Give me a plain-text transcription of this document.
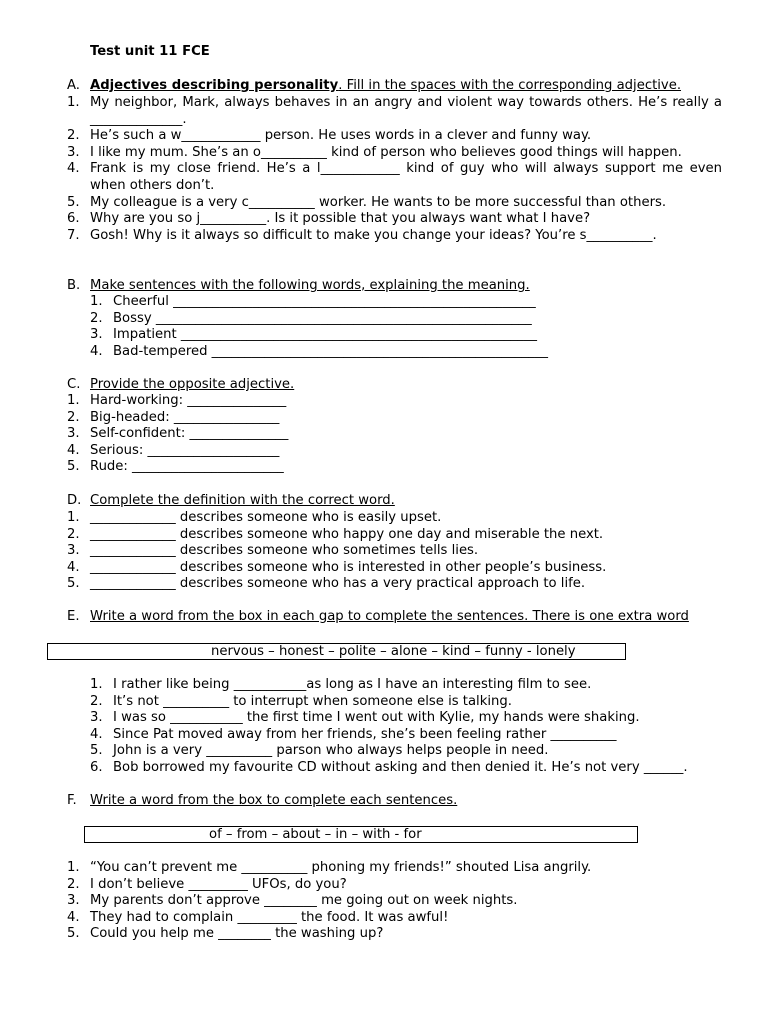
Test unit 11 FCE
A. Adjectives describing personality. Fill in the spaces with the corresponding adjective.
1. My neighbor, Mark, always behaves in an angry and violent way towards others. He’s really a ______________.
2. He’s such a w____________ person. He uses words in a clever and funny way.
3. I like my mum. She’s an o__________ kind of person who believes good things will happen.
4. Frank is my close friend. He’s a l____________ kind of guy who will always support me even when others don’t.
5. My colleague is a very c__________ worker. He wants to be more successful than others.
6. Why are you so j__________. Is it possible that you always want what I have?
7. Gosh! Why is it always so difficult to make you change your ideas? You’re s__________.
B. Make sentences with the following words, explaining the meaning.
1. Cheerful _______________________________________________________
2. Bossy _________________________________________________________
3. Impatient ______________________________________________________
4. Bad-tempered ___________________________________________________
C. Provide the opposite adjective.
1. Hard-working: _______________
2. Big-headed: ________________
3. Self-confident: _______________
4. Serious: ____________________
5. Rude: _______________________
D. Complete the definition with the correct word.
1. _____________ describes someone who is easily upset.
2. _____________ describes someone who happy one day and miserable the next.
3. _____________ describes someone who sometimes tells lies.
4. _____________ describes someone who is interested in other people’s business.
5. _____________ describes someone who has a very practical approach to life.
E. Write a word from the box in each gap to complete the sentences. There is one extra word
nervous – honest – polite – alone – kind – funny - lonely
1. I rather like being ___________as long as I have an interesting film to see.
2. It’s not __________ to interrupt when someone else is talking.
3. I was so ___________ the first time I went out with Kylie, my hands were shaking.
4. Since Pat moved away from her friends, she’s been feeling rather __________
5. John is a very __________ parson who always helps people in need.
6. Bob borrowed my favourite CD without asking and then denied it. He’s not very ______.
F. Write a word from the box to complete each sentences.
of – from – about – in – with - for
1. “You can’t prevent me __________ phoning my friends!” shouted Lisa angrily.
2. I don’t believe _________ UFOs, do you?
3. My parents don’t approve ________ me going out on week nights.
4. They had to complain _________ the food. It was awful!
5. Could you help me ________ the washing up?
